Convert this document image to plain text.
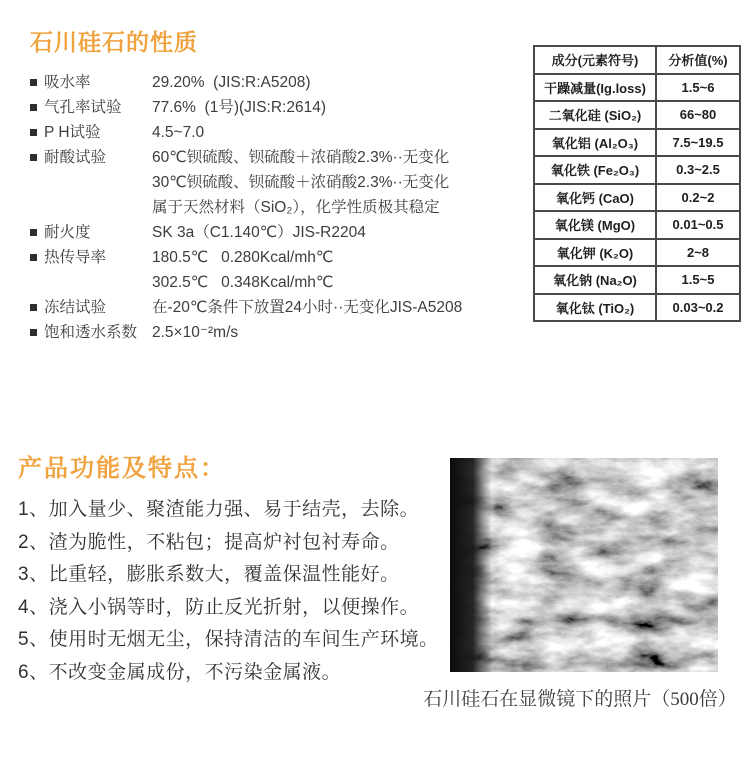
石川硅石的性质
吸水率	29.20%  (JIS:R:A5208)
气孔率试验	77.6%  (1号)(JIS:R:2614)
P H试验	4.5~7.0
耐酸试验	60℃钡硫酸、钡硫酸＋浓硝酸2.3%··无变化
30℃钡硫酸、钡硫酸＋浓硝酸2.3%··无变化
属于天然材料（SiO₂），化学性质极其稳定
耐火度	SK 3a（C1.140℃）JIS-R2204
热传导率	180.5℃   0.280Kcal/mh℃
302.5℃   0.348Kcal/mh℃
冻结试验	在-20℃条件下放置24小时··无变化JIS-A5208
饱和透水系数 2.5×10⁻²m/s
成分(元素符号)	分析值(%)
干躁减量(Ig.loss)	1.5~6
二氧化硅 (SiO₂)	66~80
氧化铝 (Al₂O₃)	7.5~19.5
氧化铁 (Fe₂O₃)	0.3~2.5
氧化钙 (CaO)	0.2~2
氧化镁 (MgO)	0.01~0.5
氧化钾 (K₂O)	2~8
氧化钠 (Na₂O)	1.5~5
氧化钛 (TiO₂)	0.03~0.2
产品功能及特点：
1、加入量少、聚渣能力强、易于结壳，去除。
2、渣为脆性，不粘包；提高炉衬包衬寿命。
3、比重轻，膨胀系数大，覆盖保温性能好。
4、浇入小锅等时，防止反光折射，以便操作。
5、使用时无烟无尘，保持清洁的车间生产环境。
6、不改变金属成份，不污染金属液。
石川硅石在显微镜下的照片（500倍）
